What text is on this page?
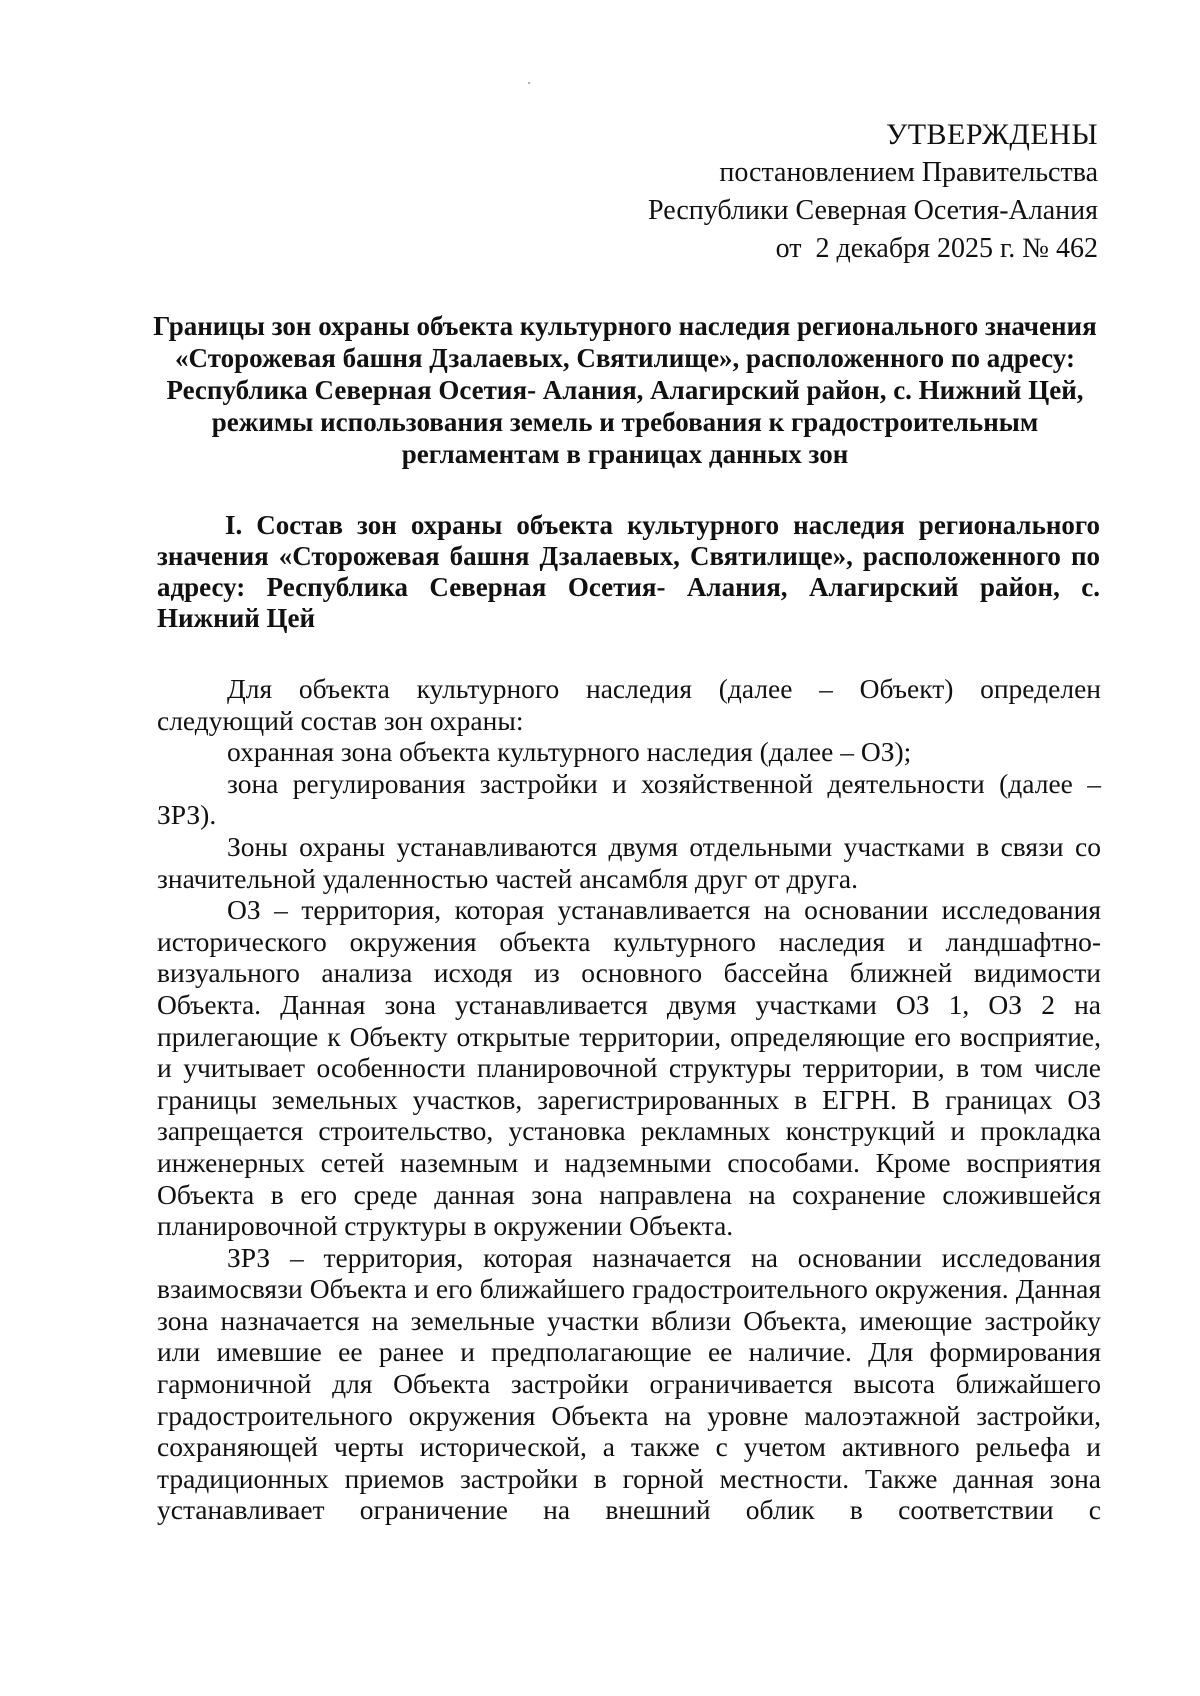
УТВЕРЖДЕНЫ
постановлением Правительства
Республики Северная Осетия-Алания
от  2 декабря 2025 г. № 462
Границы зон охраны объекта культурного наследия регионального значения «Сторожевая башня Дзалаевых, Святилище», расположенного по адресу: Республика Северная Осетия- Алания, Алагирский район, с. Нижний Цей, режимы использования земель и требования к градостроительным регламентам в границах данных зон
I. Состав зон охраны объекта культурного наследия регионального значения «Сторожевая башня Дзалаевых, Святилище», расположенного по адресу: Республика Северная Осетия- Алания, Алагирский район, с. Нижний Цей
Для объекта культурного наследия (далее – Объект) определен
следующий состав зон охраны:

охранная зона объекта культурного наследия (далее – ОЗ);

зона регулирования застройки и хозяйственной деятельности (далее – ЗРЗ).

Зоны охраны устанавливаются двумя отдельными участками в связи со значительной удаленностью частей ансамбля друг от друга.

ОЗ – территория, которая устанавливается на основании исследования исторического окружения объекта культурного наследия и ландшафтно-визуального анализа исходя из основного бассейна ближней видимости Объекта. Данная зона устанавливается двумя участками ОЗ 1, ОЗ 2 на прилегающие к Объекту открытые территории, определяющие его восприятие, и учитывает особенности планировочной структуры территории, в том числе границы земельных участков, зарегистрированных в ЕГРН. В границах ОЗ запрещается строительство, установка рекламных конструкций и прокладка инженерных сетей наземным и надземными способами. Кроме восприятия Объекта в его среде данная зона направлена на сохранение сложившейся планировочной структуры в окружении Объекта.

ЗРЗ – территория, которая назначается на основании исследования взаимосвязи Объекта и его ближайшего градостроительного окружения. Данная зона назначается на земельные участки вблизи Объекта, имеющие застройку или имевшие ее ранее и предполагающие ее наличие. Для формирования гармоничной для Объекта застройки ограничивается высота ближайшего градостроительного окружения Объекта на уровне малоэтажной застройки, сохраняющей черты исторической, а также с учетом активного рельефа и традиционных приемов застройки в горной местности. Также данная зона устанавливает ограничение на внешний облик в соответствии с
